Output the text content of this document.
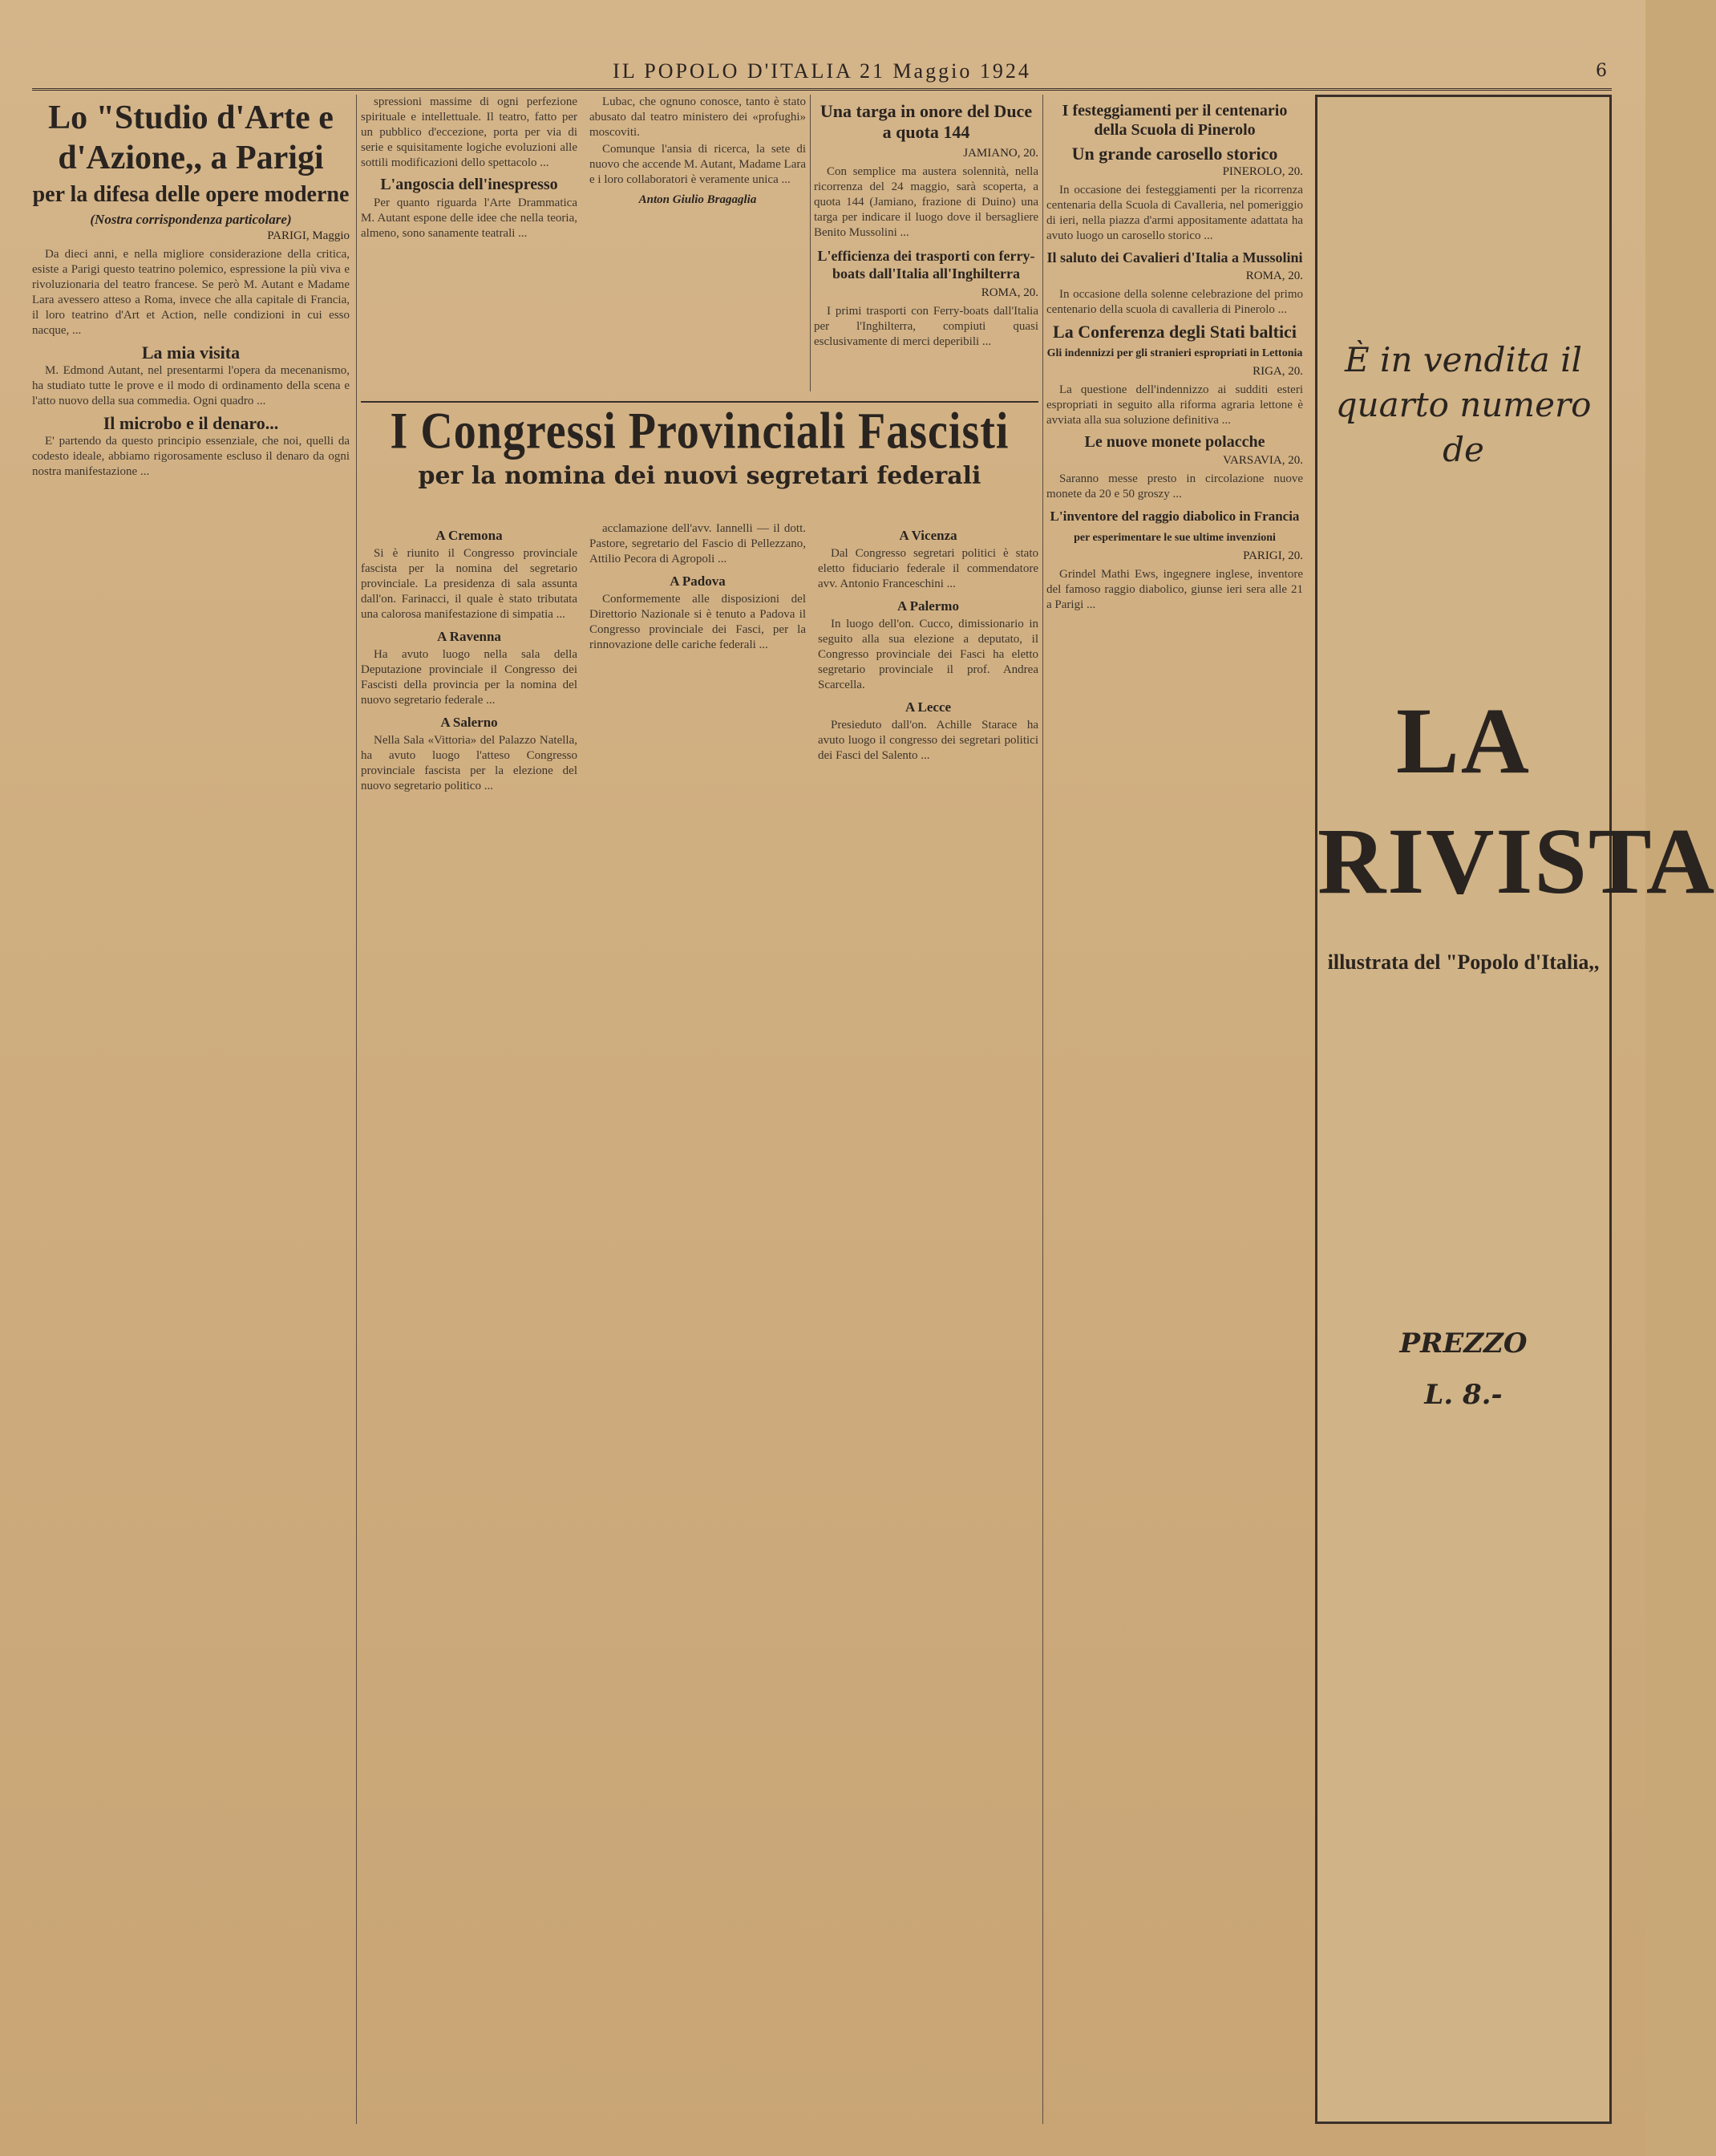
IL POPOLO D'ITALIA 21 Maggio 1924	6
Lo "Studio d'Arte e d'Azione,, a Parigi
per la difesa delle opere moderne
(Nostra corrispondenza particolare)
PARIGI, Maggio

Da dieci anni, e nella migliore considerazione della critica, esiste a Parigi questo teatrino polemico, espressione la più viva e rivoluzionaria del teatro francese. Se però M. Autant e Madame Lara avessero atteso a Roma, invece che alla capitale di Francia, il loro teatrino d'Art et Action, nelle condizioni in cui esso nacque, ...

La mia visita

M. Edmond Autant, nel presentarmi l'opera da mecenanismo, ha studiato tutte le prove e il modo di ordinamento della scena e l'atto nuovo della sua commedia. Ogni quadro ...

Il microbo e il denaro...

E' partendo da questo principio essenziale, che noi, quelli da codesto ideale, abbiamo rigorosamente escluso il denaro da ogni nostra manifestazione ...

spressioni massime di ogni perfezione spirituale e intellettuale. Il teatro, fatto per un pubblico d'eccezione, porta per via di serie e squisitamente logiche evoluzioni alle sottili modificazioni dello spettacolo ...

L'angoscia dell'inespresso

Per quanto riguarda l'Arte Drammatica M. Autant espone delle idee che nella teoria, almeno, sono sanamente teatrali ...

Lubac, che ognuno conosce, tanto è stato abusato dal teatro ministero dei «profughi» moscoviti.

Comunque l'ansia di ricerca, la sete di nuovo che accende M. Autant, Madame Lara e i loro collaboratori è veramente unica ...

Anton Giulio Bragaglia
Una targa in onore del Duce a quota 144
JAMIANO, 20.

Con semplice ma austera solennità, nella ricorrenza del 24 maggio, sarà scoperta, a quota 144 (Jamiano, frazione di Duino) una targa per indicare il luogo dove il bersagliere Benito Mussolini ...

L'efficienza dei trasporti con ferry-boats dall'Italia all'Inghilterra
ROMA, 20.

I primi trasporti con Ferry-boats dall'Italia per l'Inghilterra, compiuti quasi esclusivamente di merci deperibili ...

I Congressi Provinciali Fascisti
per la nomina dei nuovi segretari federali
A Cremona

Si è riunito il Congresso provinciale fascista per la nomina del segretario provinciale. La presidenza di sala assunta dall'on. Farinacci, il quale è stato tributata una calorosa manifestazione di simpatia ...

A Ravenna

Ha avuto luogo nella sala della Deputazione provinciale il Congresso dei Fascisti della provincia per la nomina del nuovo segretario federale ...

A Salerno

Nella Sala «Vittoria» del Palazzo Natella, ha avuto luogo l'atteso Congresso provinciale fascista per la elezione del nuovo segretario politico ...

acclamazione dell'avv. Iannelli — il dott. Pastore, segretario del Fascio di Pellezzano, Attilio Pecora di Agropoli ...

A Padova

Conformemente alle disposizioni del Direttorio Nazionale si è tenuto a Padova il Congresso provinciale dei Fasci, per la rinnovazione delle cariche federali ...

A Vicenza

Dal Congresso segretari politici è stato eletto fiduciario federale il commendatore avv. Antonio Franceschini ...

A Palermo

In luogo dell'on. Cucco, dimissionario in seguito alla sua elezione a deputato, il Congresso provinciale dei Fasci ha eletto segretario provinciale il prof. Andrea Scarcella.

A Lecce

Presieduto dall'on. Achille Starace ha avuto luogo il congresso dei segretari politici dei Fasci del Salento ...

I festeggiamenti per il centenario della Scuola di Pinerolo
Un grande carosello storico
PINEROLO, 20.

In occasione dei festeggiamenti per la ricorrenza centenaria della Scuola di Cavalleria, nel pomeriggio di ieri, nella piazza d'armi appositamente adattata ha avuto luogo un carosello storico ...

Il saluto dei Cavalieri d'Italia a Mussolini
ROMA, 20.

In occasione della solenne celebrazione del primo centenario della scuola di cavalleria di Pinerolo ...

La Conferenza degli Stati baltici
Gli indennizzi per gli stranieri espropriati in Lettonia
RIGA, 20.

La questione dell'indennizzo ai sudditi esteri espropriati in seguito alla riforma agraria lettone è avviata alla sua soluzione definitiva ...

Le nuove monete polacche
VARSAVIA, 20.

Saranno messe presto in circolazione nuove monete da 20 e 50 groszy ...

L'inventore del raggio diabolico in Francia
per esperimentare le sue ultime invenzioni
PARIGI, 20.

Grindel Mathi Ews, ingegnere inglese, inventore del famoso raggio diabolico, giunse ieri sera alle 21 a Parigi ...

È in vendita il quarto numero de
LA RIVISTA
illustrata del "Popolo d'Italia,,
PREZZO
L. 8.-
